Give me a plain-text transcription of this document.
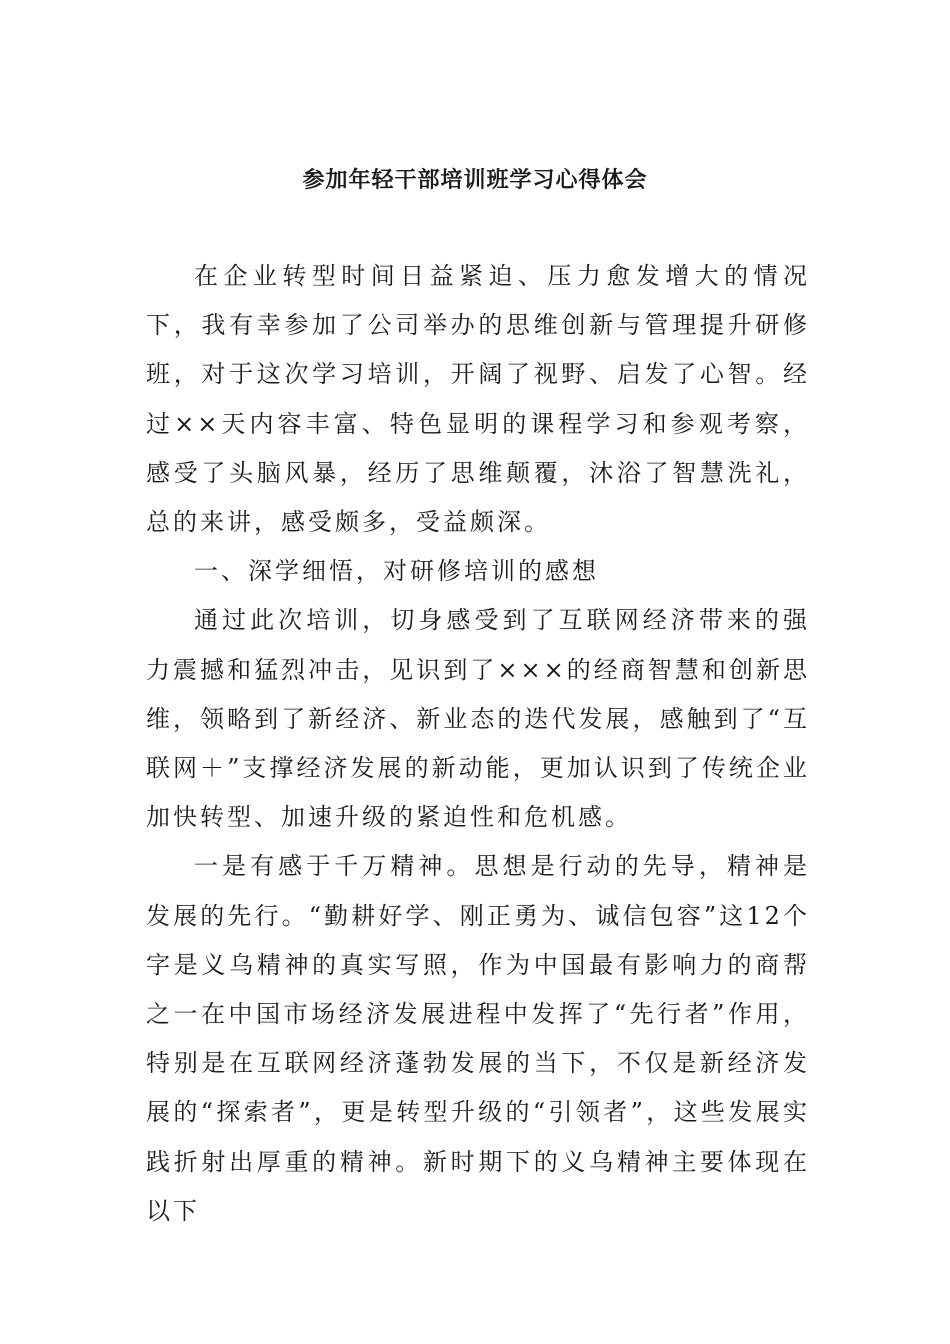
参加年轻干部培训班学习心得体会

在企业转型时间日益紧迫、压力愈发增大的情况下，我有幸参加了公司举办的思维创新与管理提升研修班，对于这次学习培训，开阔了视野、启发了心智。经过××天内容丰富、特色显明的课程学习和参观考察，感受了头脑风暴，经历了思维颠覆，沐浴了智慧洗礼，总的来讲，感受颇多，受益颇深。

一、深学细悟，对研修培训的感想

通过此次培训，切身感受到了互联网经济带来的强力震撼和猛烈冲击，见识到了×××的经商智慧和创新思维，领略到了新经济、新业态的迭代发展，感触到了“互联网＋”支撑经济发展的新动能，更加认识到了传统企业加快转型、加速升级的紧迫性和危机感。

一是有感于千万精神。思想是行动的先导，精神是发展的先行。“勤耕好学、刚正勇为、诚信包容”这12个字是义乌精神的真实写照，作为中国最有影响力的商帮之一在中国市场经济发展进程中发挥了“先行者”作用，特别是在互联网经济蓬勃发展的当下，不仅是新经济发展的“探索者”，更是转型升级的“引领者”，这些发展实践折射出厚重的精神。新时期下的义乌精神主要体现在以下
